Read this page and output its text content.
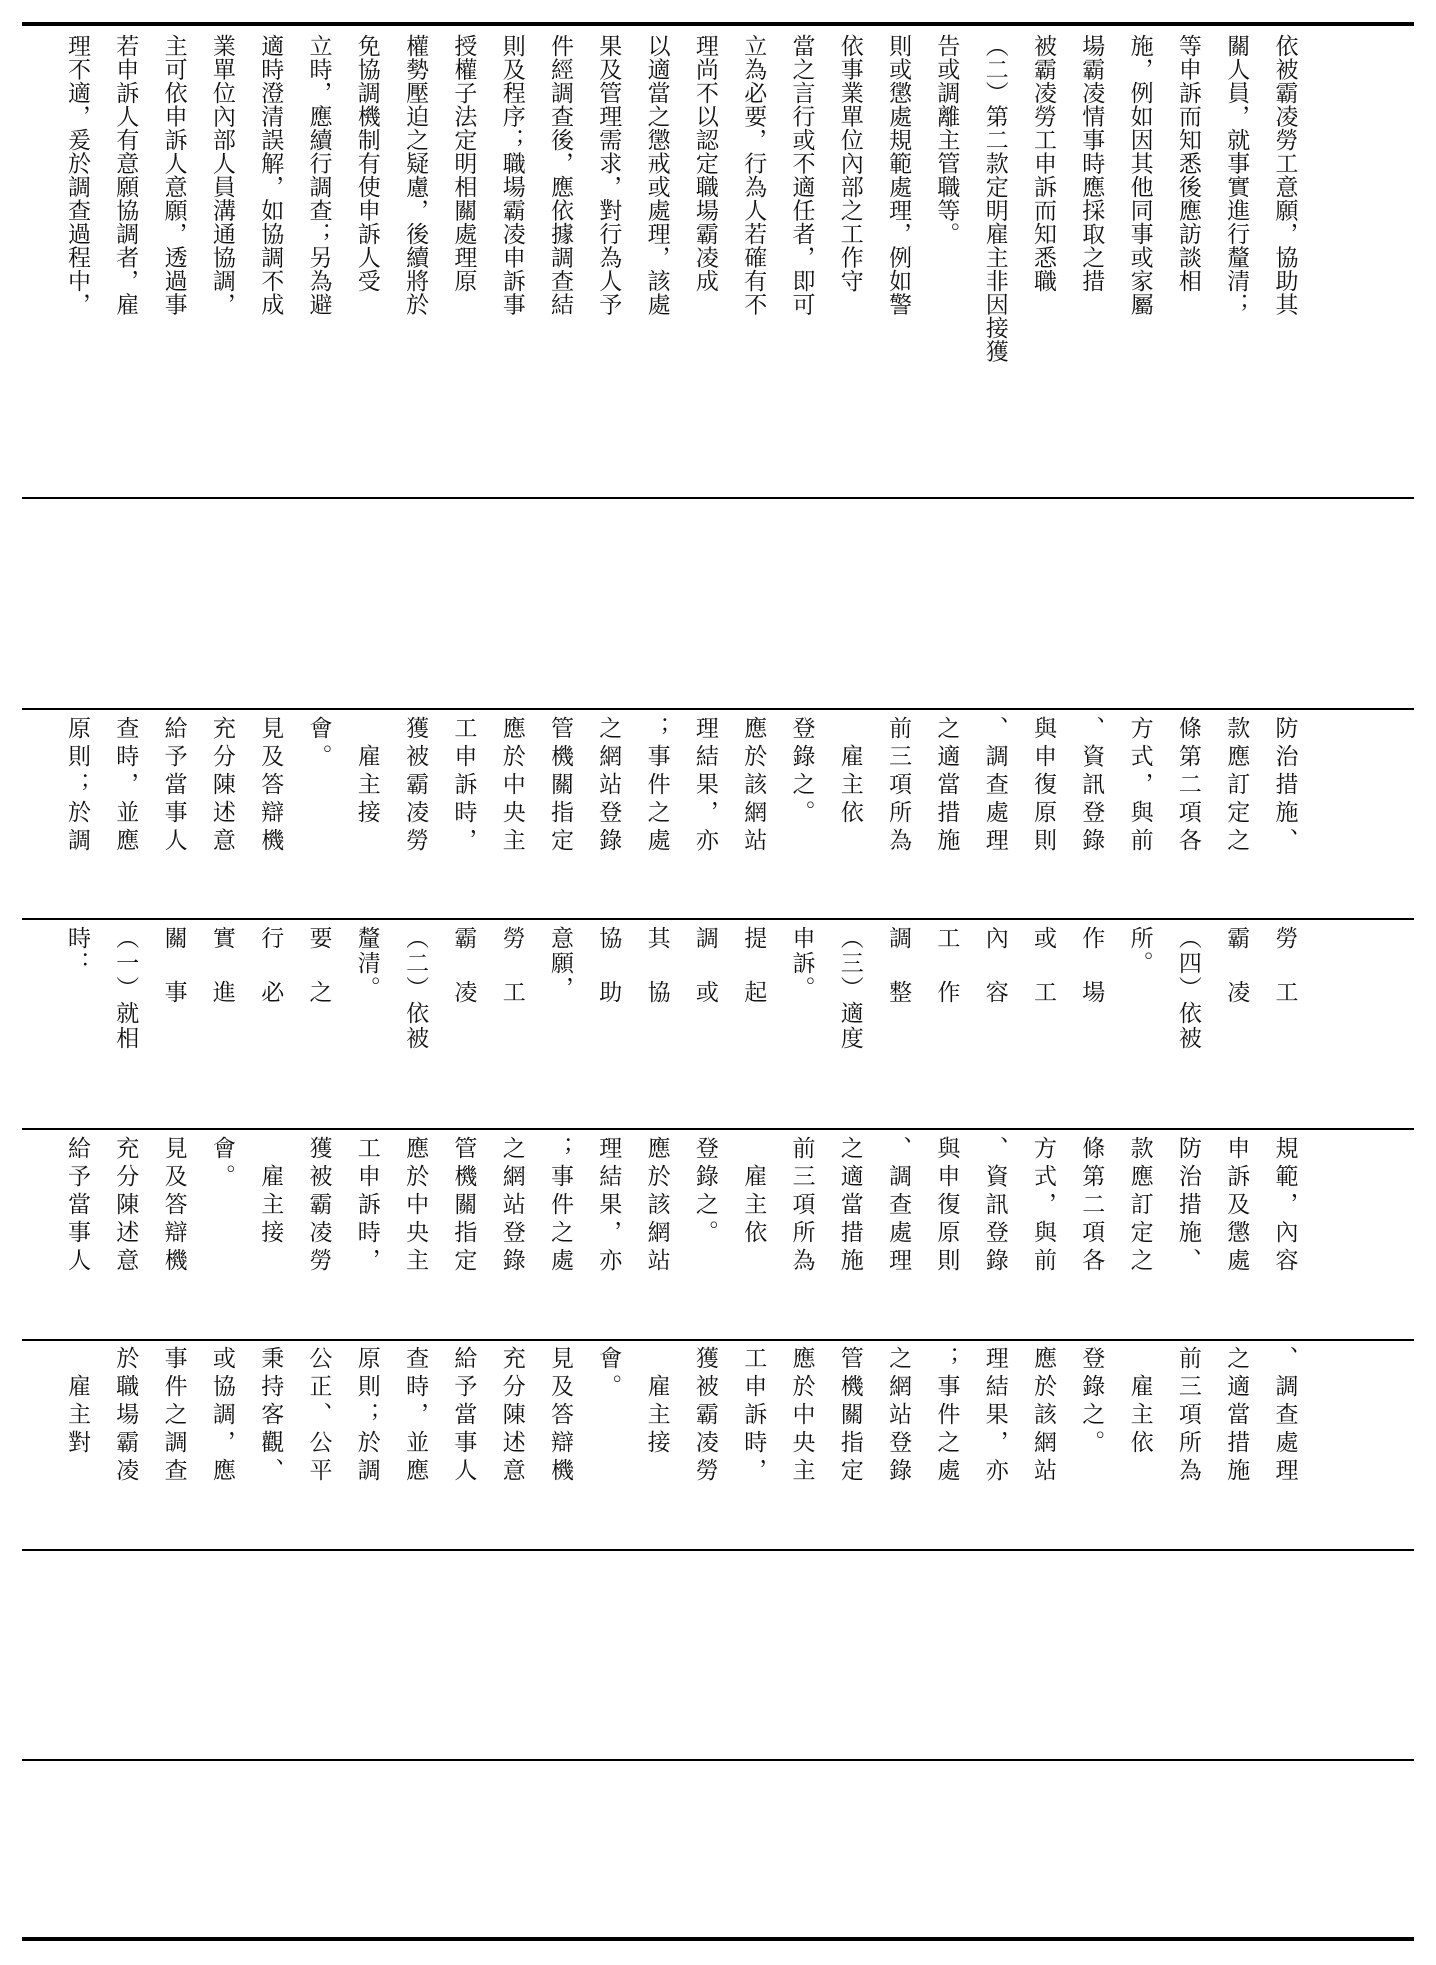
理不適，爰於調查過程中， 若申訴人有意願協調者，雇 主可依申訴人意願，透過事 業單位內部人員溝通協調， 適時澄清誤解，如協調不成 立時，應續行調查；另為避 免協調機制有使申訴人受 權勢壓迫之疑慮，後續將於 授權子法定明相關處理原 則及程序；職場霸凌申訴事 件經調查後，應依據調查結 果及管理需求，對行為人予 以適當之懲戒或處理，該處 理尚不以認定職場霸凌成 立為必要，行為人若確有不 當之言行或不適任者，即可 依事業單位內部之工作守 則或懲處規範處理，例如警 告或調離主管職等。 （二）第二款定明雇主非因接獲 被霸凌勞工申訴而知悉職 場霸凌情事時應採取之措 施，例如因其他同事或家屬 等申訴而知悉後應訪談相 關人員，就事實進行釐清； 依被霸凌勞工意願，協助其
原則；於調 查時，並應 給予當事人 充分陳述意 見及答辯機 會。 　雇主接 獲被霸凌勞 工申訴時， 應於中央主 管機關指定 之網站登錄 ；事件之處 理結果，亦 應於該網站 登錄之。 　雇主依 前三項所為 之適當措施 、調查處理 與申復原則 、資訊登錄 方式，與前 條第二項各 款應訂定之 防治措施、
時： （一）就相 關事 實進 行必 要之 釐清。 （二）依被 霸凌 勞工 意願， 協助 其協 調或 提起 申訴。 （三）適度 調整 工作 內容 或工 作場 所。 （四）依被 霸凌 勞工
給予當事人 充分陳述意 見及答辯機 會。 　雇主接 獲被霸凌勞 工申訴時， 應於中央主 管機關指定 之網站登錄 ；事件之處 理結果，亦 應於該網站 登錄之。 　雇主依 前三項所為 之適當措施 、調查處理 與申復原則 、資訊登錄 方式，與前 條第二項各 款應訂定之 防治措施、 申訴及懲處 規範，內容
　雇主對 於職場霸凌 事件之調查 或協調，應 秉持客觀、 公正、公平 原則；於調 查時，並應 給予當事人 充分陳述意 見及答辯機 會。 　雇主接 獲被霸凌勞 工申訴時， 應於中央主 管機關指定 之網站登錄 ；事件之處 理結果，亦 應於該網站 登錄之。 　雇主依 前三項所為 之適當措施 、調查處理
